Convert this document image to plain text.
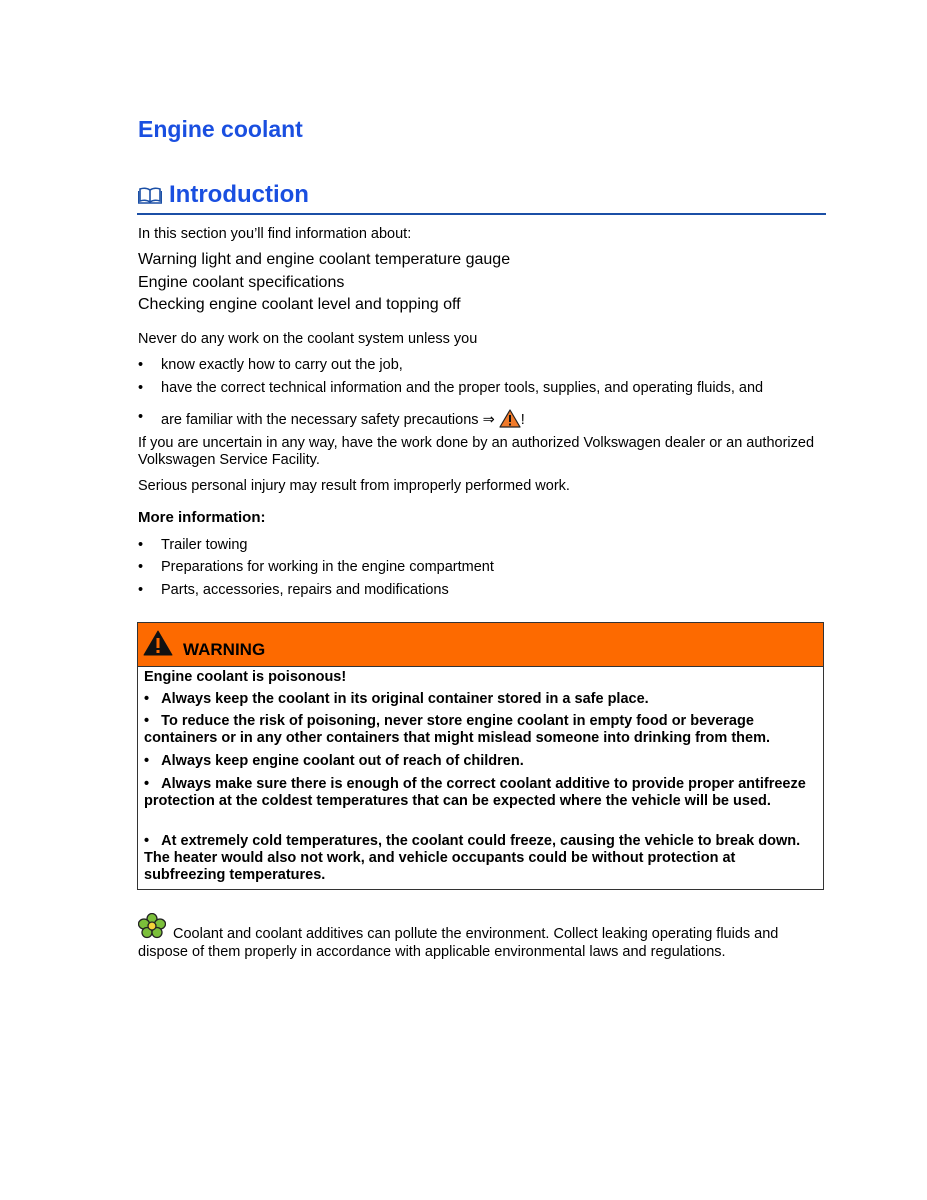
Engine coolant
Introduction
In this section you’ll find information about:
Warning light and engine coolant temperature gauge
Engine coolant specifications
Checking engine coolant level and topping off
Never do any work on the coolant system unless you
• know exactly how to carry out the job,
• have the correct technical information and the proper tools, supplies, and operating fluids, and
• are familiar with the necessary safety precautions ⇒ !
If you are uncertain in any way, have the work done by an authorized Volkswagen dealer or an authorized Volkswagen Service Facility.
Serious personal injury may result from improperly performed work.
More information:
• Trailer towing
• Preparations for working in the engine compartment
• Parts, accessories, repairs and modifications
WARNING
Engine coolant is poisonous!
• Always keep the coolant in its original container stored in a safe place.
• To reduce the risk of poisoning, never store engine coolant in empty food or beverage containers or in any other containers that might mislead someone into drinking from them.
• Always keep engine coolant out of reach of children.
• Always make sure there is enough of the correct coolant additive to provide proper antifreeze protection at the coldest temperatures that can be expected where the vehicle will be used.
• At extremely cold temperatures, the coolant could freeze, causing the vehicle to break down. The heater would also not work, and vehicle occupants could be without protection at subfreezing temperatures.
Coolant and coolant additives can pollute the environment. Collect leaking operating fluids and
dispose of them properly in accordance with applicable environmental laws and regulations.
